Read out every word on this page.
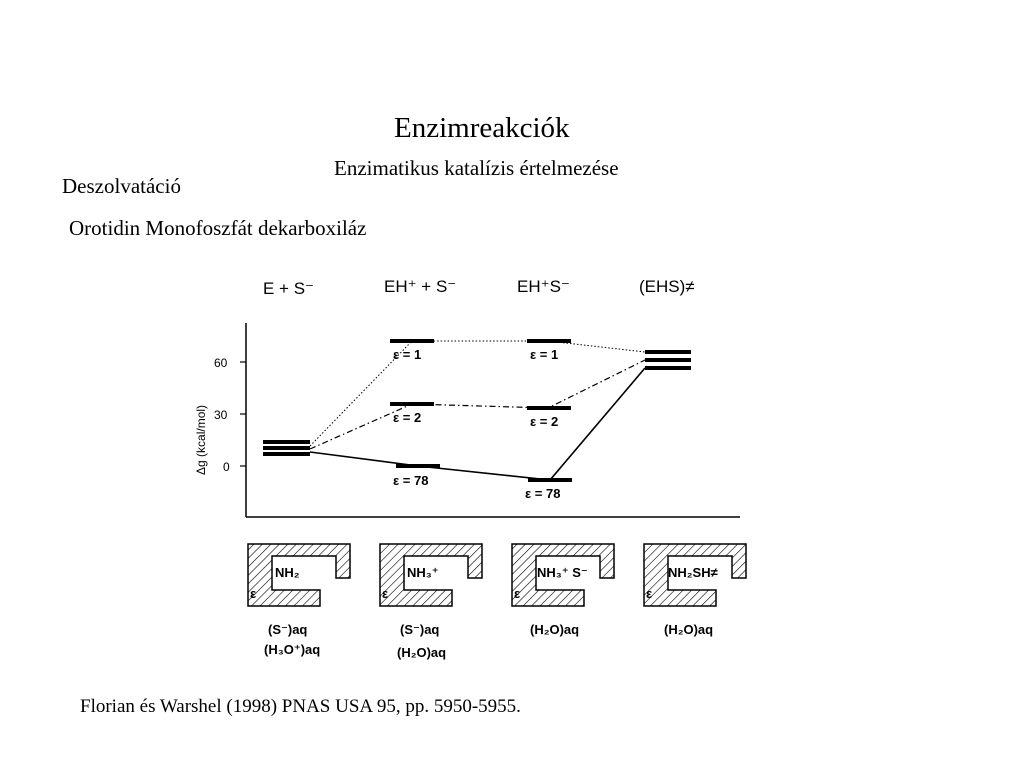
Enzimreakciók
Enzimatikus katalízis értelmezése
Deszolvatáció
Orotidin Monofoszfát dekarboxiláz
E + S⁻	EH⁺ + S⁻	EH⁺S⁻	(EHS)≠
60
30
0
Δg (kcal/mol)
ε = 1	ε = 1
ε = 2	ε = 2
ε = 78
ε = 78
NH₂
ε
NH₃⁺
ε
NH₃⁺ S⁻
ε
NH₂SH≠
ε
(S⁻)aq
(H₃O⁺)aq
(S⁻)aq
(H₂O)aq
(H₂O)aq	(H₂O)aq
Florian és Warshel (1998) PNAS USA 95, pp. 5950-5955.
